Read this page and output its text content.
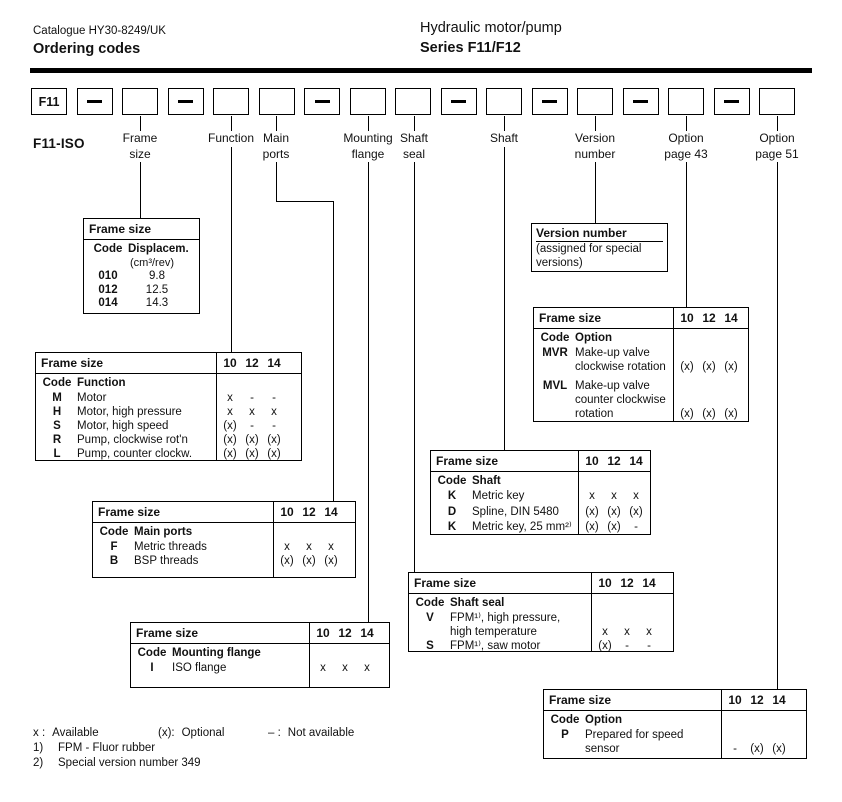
Catalogue HY30-8249/UK
Ordering codes
Hydraulic motor/pump
Series F11/F12
F11
F11-ISO	Frame
size
Function Main
ports
Mounting
flange
Shaft
seal
Shaft	Version
number
Option
page 43
Option
page 51
Frame size
Code Displacem.
(cm³/rev)
010	9.8
012	12.5
014	14.3
Version number
(assigned for special versions)
Frame size	10 12 14
Code Function
M	Motor	x - -
H	Motor, high pressure	x x x
S	Motor, high speed	(x) - -
R	Pump, clockwise rot'n	(x) (x) (x)
L	Pump, counter clockw.	(x) (x) (x)
Frame size	10 12 14
Code Main ports
F	Metric threads	x x x
B	BSP threads	(x) (x) (x)
Frame size	10 12 14
Code Mounting flange
I	ISO flange	x x x
Frame size	10 12 14
Code Shaft
K	Metric key	x x x
D	Spline, DIN 5480 (x) (x) (x)
K	Metric key, 25 mm²⁾ (x) (x) -
Frame size	10 12 14
Code Shaft seal
V	FPM¹⁾, high pressure,
high temperature	x x x
S	FPM¹⁾, saw motor	(x) - -
Frame size	10 12 14
Code Option
MVR Make-up valve
clockwise rotation (x) (x) (x)
MVL Make-up valve
counter clockwise
rotation	(x) (x) (x)
Frame size	10 12 14
Code Option
P	Prepared for speed
sensor	- (x) (x)
x : Available	(x): Optional	– : Not available
1)	FPM - Fluor rubber
2)	Special version number 349
